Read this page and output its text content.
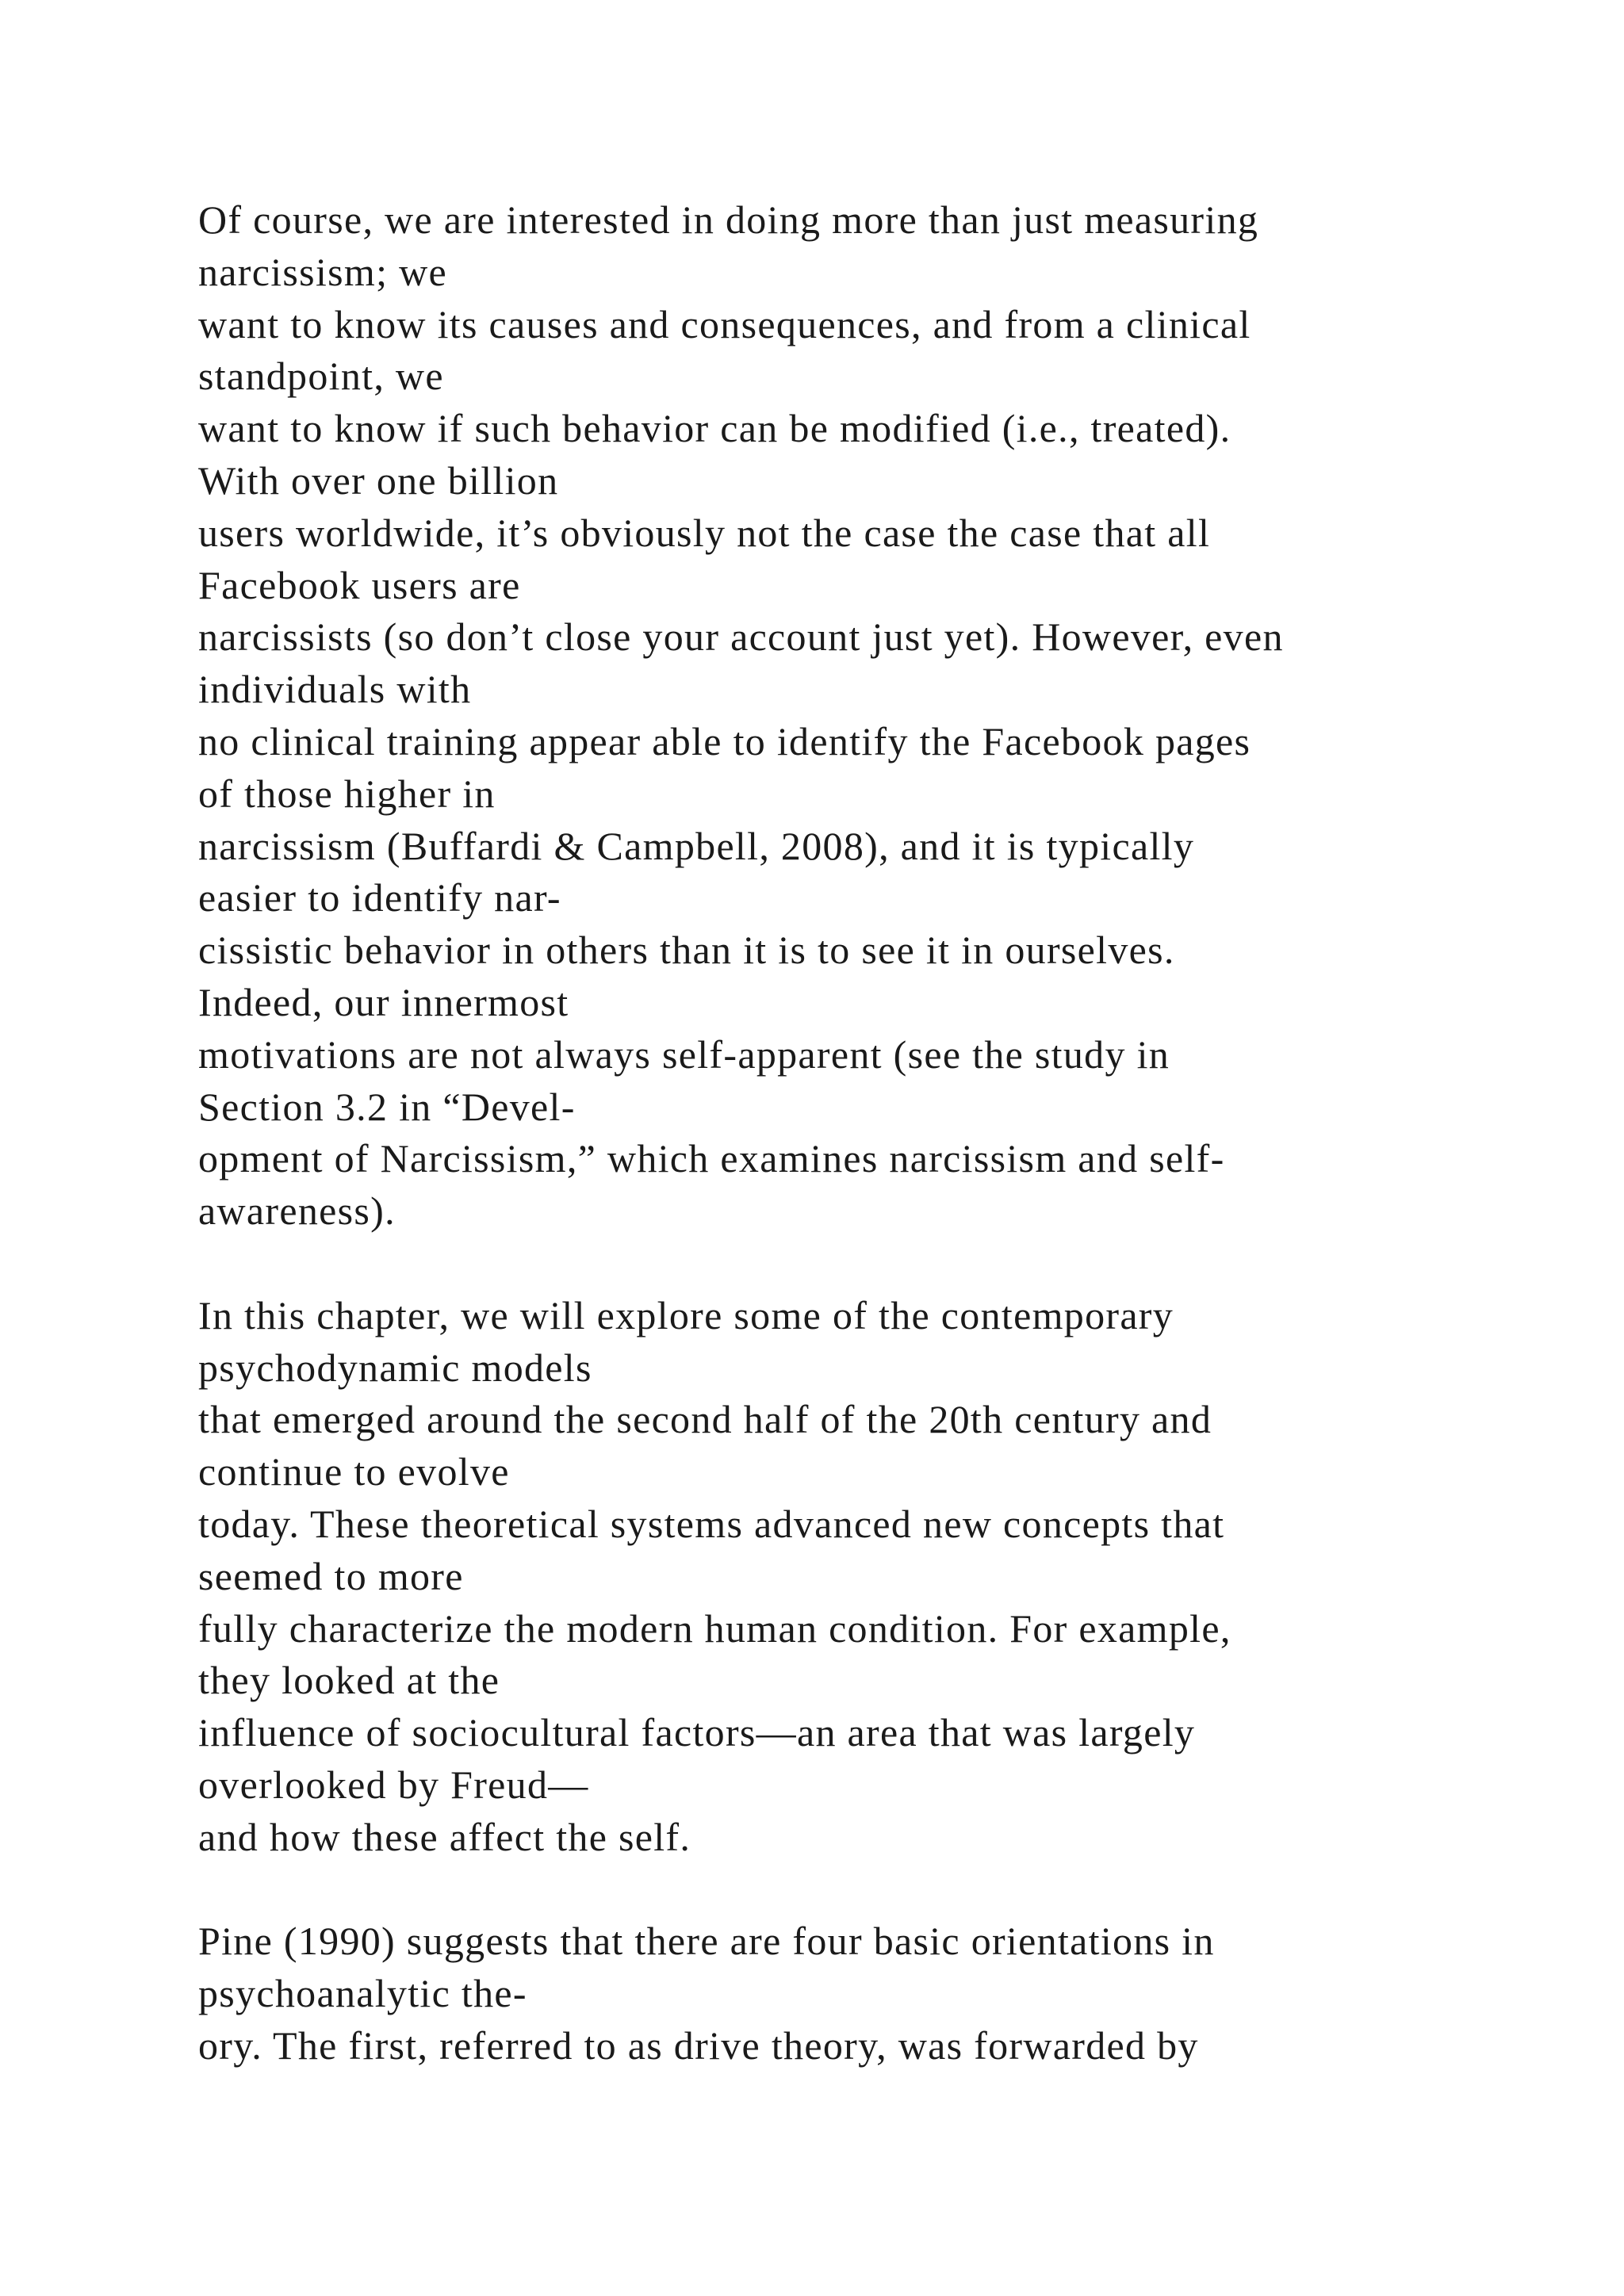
Of course, we are interested in doing more than just measuring
narcissism; we
want to know its causes and consequences, and from a clinical
standpoint, we
want to know if such behavior can be modified (i.e., treated).
With over one billion
users worldwide, it’s obviously not the case the case that all
Facebook users are
narcissists (so don’t close your account just yet). However, even
individuals with
no clinical training appear able to identify the Facebook pages
of those higher in
narcissism (Buffardi & Campbell, 2008), and it is typically
easier to identify nar-
cissistic behavior in others than it is to see it in ourselves.
Indeed, our innermost
motivations are not always self-apparent (see the study in
Section 3.2 in “Devel-
opment of Narcissism,” which examines narcissism and self-
awareness).
In this chapter, we will explore some of the contemporary
psychodynamic models
that emerged around the second half of the 20th century and
continue to evolve
today. These theoretical systems advanced new concepts that
seemed to more
fully characterize the modern human condition. For example,
they looked at the
influence of sociocultural factors—an area that was largely
overlooked by Freud—
and how these affect the self.
Pine (1990) suggests that there are four basic orientations in
psychoanalytic the-
ory. The first, referred to as drive theory, was forwarded by
